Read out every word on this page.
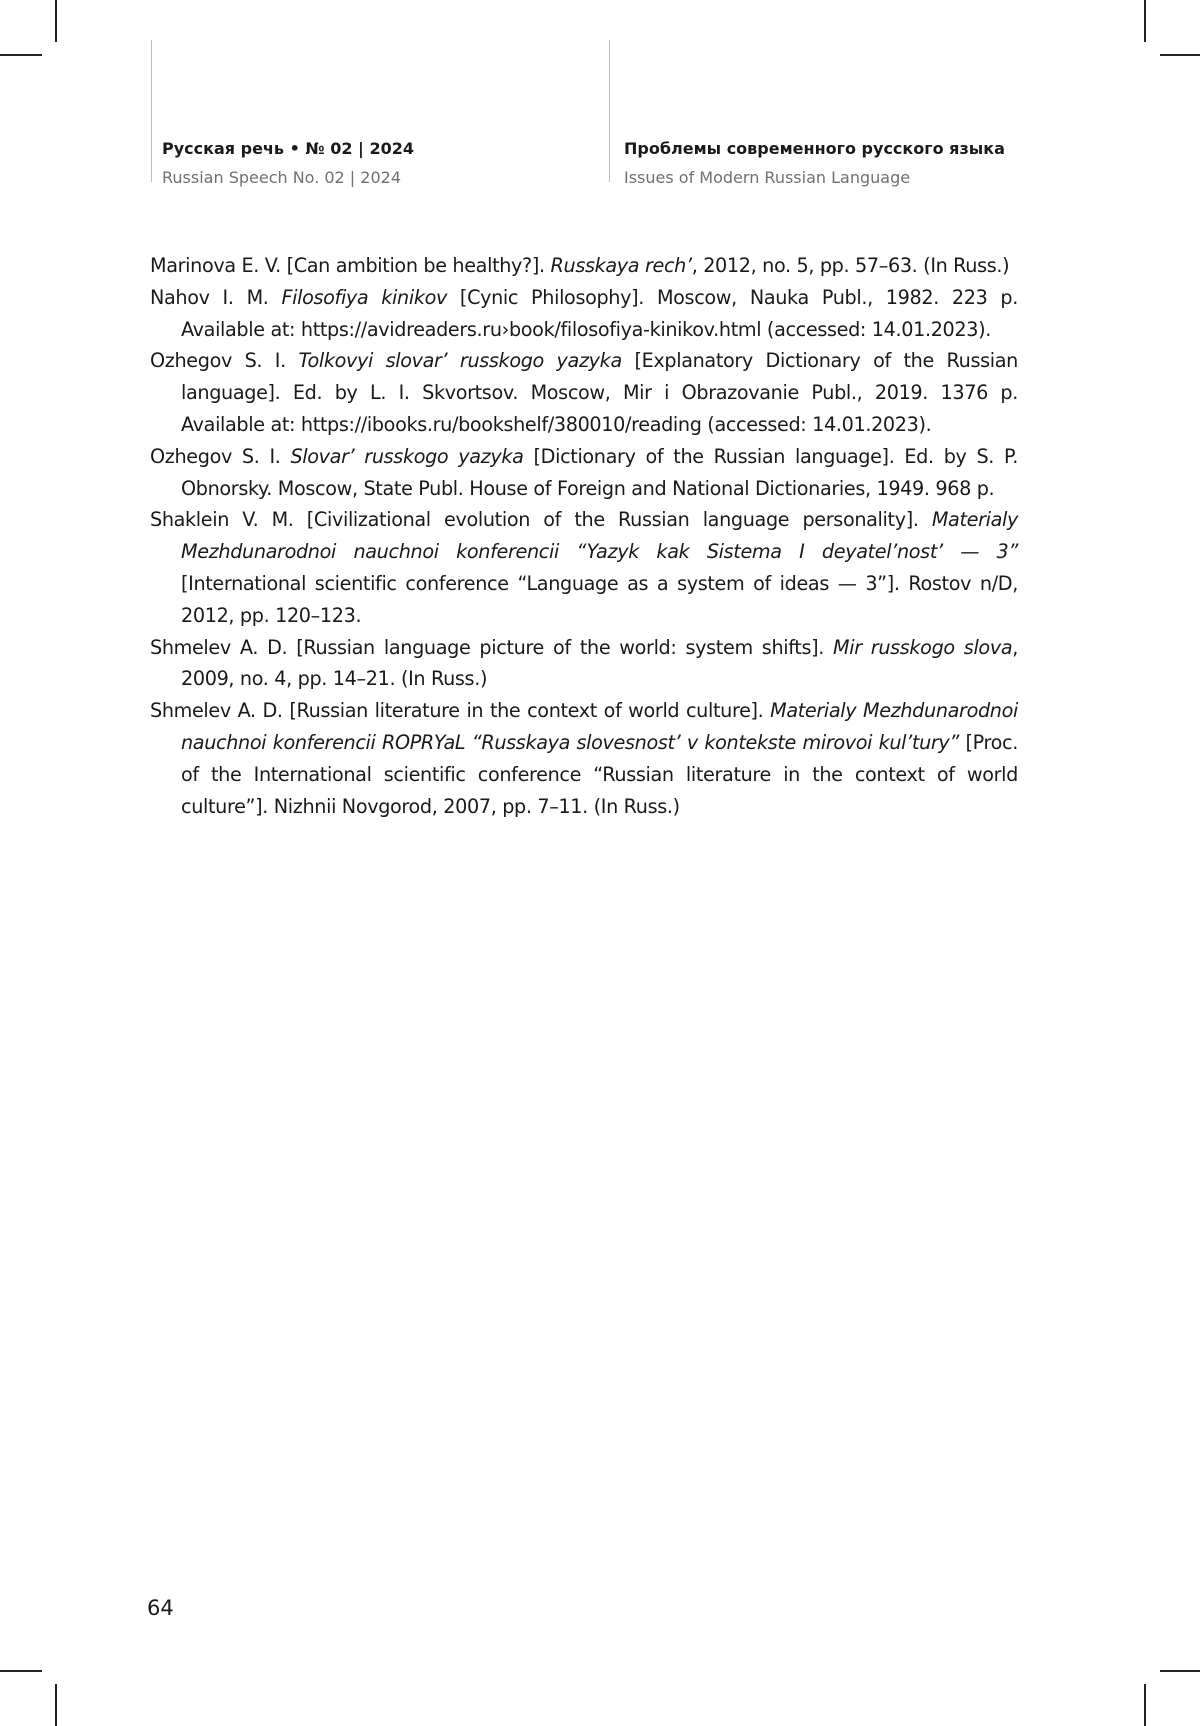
Русская речь • № 02 | 2024
Russian Speech No. 02 | 2024
Проблемы современного русского языка
Issues of Modern Russian Language

Marinova E. V. [Can ambition be healthy?]. Russkaya rech’, 2012, no. 5, pp. 57–63. (In Russ.)

Nahov I. M. Filosofiya kinikov [Cynic Philosophy]. Moscow, Nauka Publ., 1982. 223 p. Available at: https://avidreaders.ru›book/filosofiya-kinikov.html (accessed: 14.01.2023).

Ozhegov S. I. Tolkovyi slovar’ russkogo yazyka [Explanatory Dictionary of the Russian language]. Ed. by L. I. Skvortsov. Moscow, Mir i Obrazovanie Publ., 2019. 1376 p. Available at: https://ibooks.ru/bookshelf/380010/reading (accessed: 14.01.2023).

Ozhegov S. I. Slovar’ russkogo yazyka [Dictionary of the Russian language]. Ed. by S. P. Obnorsky. Moscow, State Publ. House of Foreign and National Dictionaries, 1949. 968 p.

Shaklein V. M. [Civilizational evolution of the Russian language personality]. Materialy Mezhdunarodnoi nauchnoi konferencii “Yazyk kak Sistema I deyatel’nost’ — 3” [International scientific conference “Language as a system of ideas — 3”]. Rostov n/D, 2012, pp. 120–123.

Shmelev A. D. [Russian language picture of the world: system shifts]. Mir russkogo slova, 2009, no. 4, pp. 14–21. (In Russ.)

Shmelev A. D. [Russian literature in the context of world culture]. Materialy Mezhdunarodnoi nauchnoi konferencii ROPRYaL “Russkaya slovesnost’ v kontekste mirovoi kul’tury” [Proc. of the International scientific conference “Russian literature in the context of world culture”]. Nizhnii Novgorod, 2007, pp. 7–11. (In Russ.)

64
